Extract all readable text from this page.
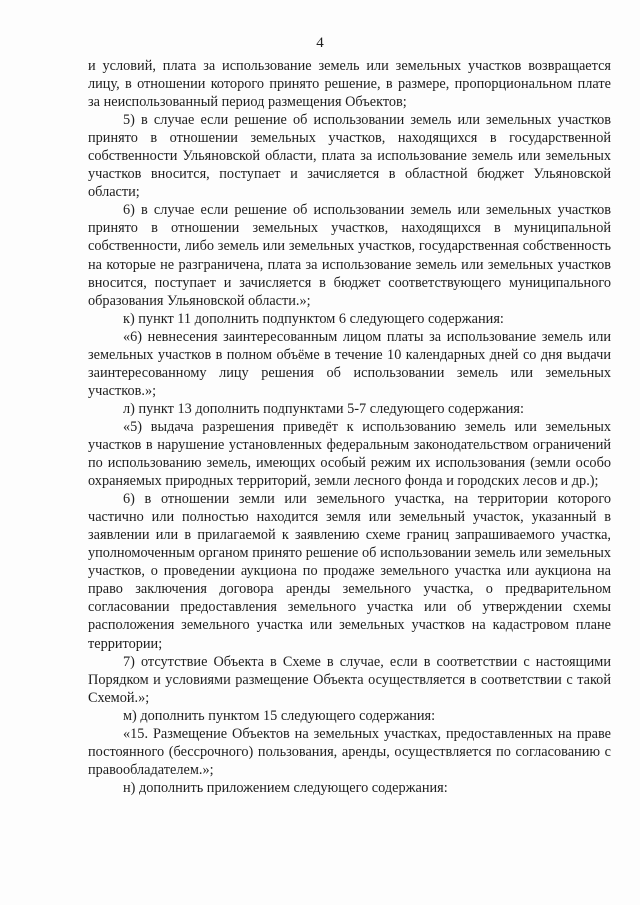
4

и условий, плата за использование земель или земельных участков возвращается лицу, в отношении которого принято решение, в размере, пропорциональном плате за неиспользованный период размещения Объектов;

5) в случае если решение об использовании земель или земельных участков принято в отношении земельных участков, находящихся в государственной собственности Ульяновской области, плата за использование земель или земельных участков вносится, поступает и зачисляется в областной бюджет Ульяновской области;

6) в случае если решение об использовании земель или земельных участков принято в отношении земельных участков, находящихся в муниципальной собственности, либо земель или земельных участков, государственная собственность на которые не разграничена, плата за использование земель или земельных участков вносится, поступает и зачисляется в бюджет соответствующего муниципального образования Ульяновской области.»;

к) пункт 11 дополнить подпунктом 6 следующего содержания:

«6) невнесения заинтересованным лицом платы за использование земель или земельных участков в полном объёме в течение 10 календарных дней со дня выдачи заинтересованному лицу решения об использовании земель или земельных участков.»;

л) пункт 13 дополнить подпунктами 5-7 следующего содержания:

«5) выдача разрешения приведёт к использованию земель или земельных участков в нарушение установленных федеральным законодательством ограничений по использованию земель, имеющих особый режим их использования (земли особо охраняемых природных территорий, земли лесного фонда и городских лесов и др.);

6) в отношении земли или земельного участка, на территории которого частично или полностью находится земля или земельный участок, указанный в заявлении или в прилагаемой к заявлению схеме границ запрашиваемого участка, уполномоченным органом принято решение об использовании земель или земельных участков, о проведении аукциона по продаже земельного участка или аукциона на право заключения договора аренды земельного участка, о предварительном согласовании предоставления земельного участка или об утверждении схемы расположения земельного участка или земельных участков на кадастровом плане территории;

7) отсутствие Объекта в Схеме в случае, если в соответствии с настоящими Порядком и условиями размещение Объекта осуществляется в соответствии с такой Схемой.»;

м) дополнить пунктом 15 следующего содержания:

«15. Размещение Объектов на земельных участках, предоставленных на праве постоянного (бессрочного) пользования, аренды, осуществляется по согласованию с правообладателем.»;

н) дополнить приложением следующего содержания:
